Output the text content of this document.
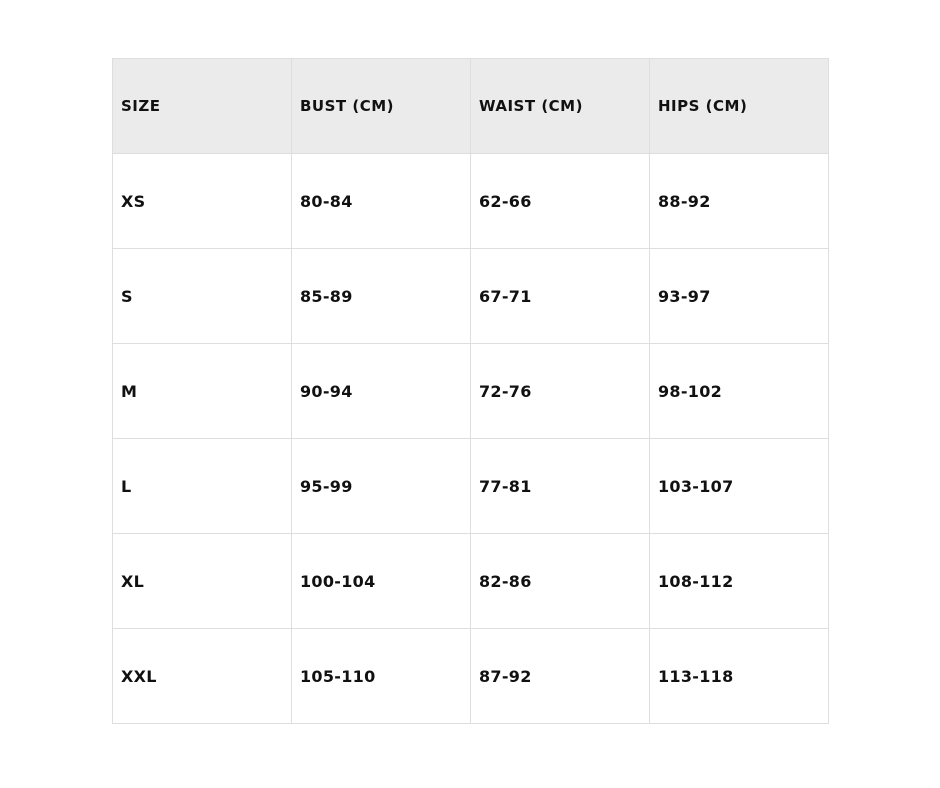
SIZE	BUST (CM)	WAIST (CM)	HIPS (CM)
XS	80-84	62-66	88-92
S	85-89	67-71	93-97
M	90-94	72-76	98-102
L	95-99	77-81	103-107
XL	100-104	82-86	108-112
XXL	105-110	87-92	113-118
